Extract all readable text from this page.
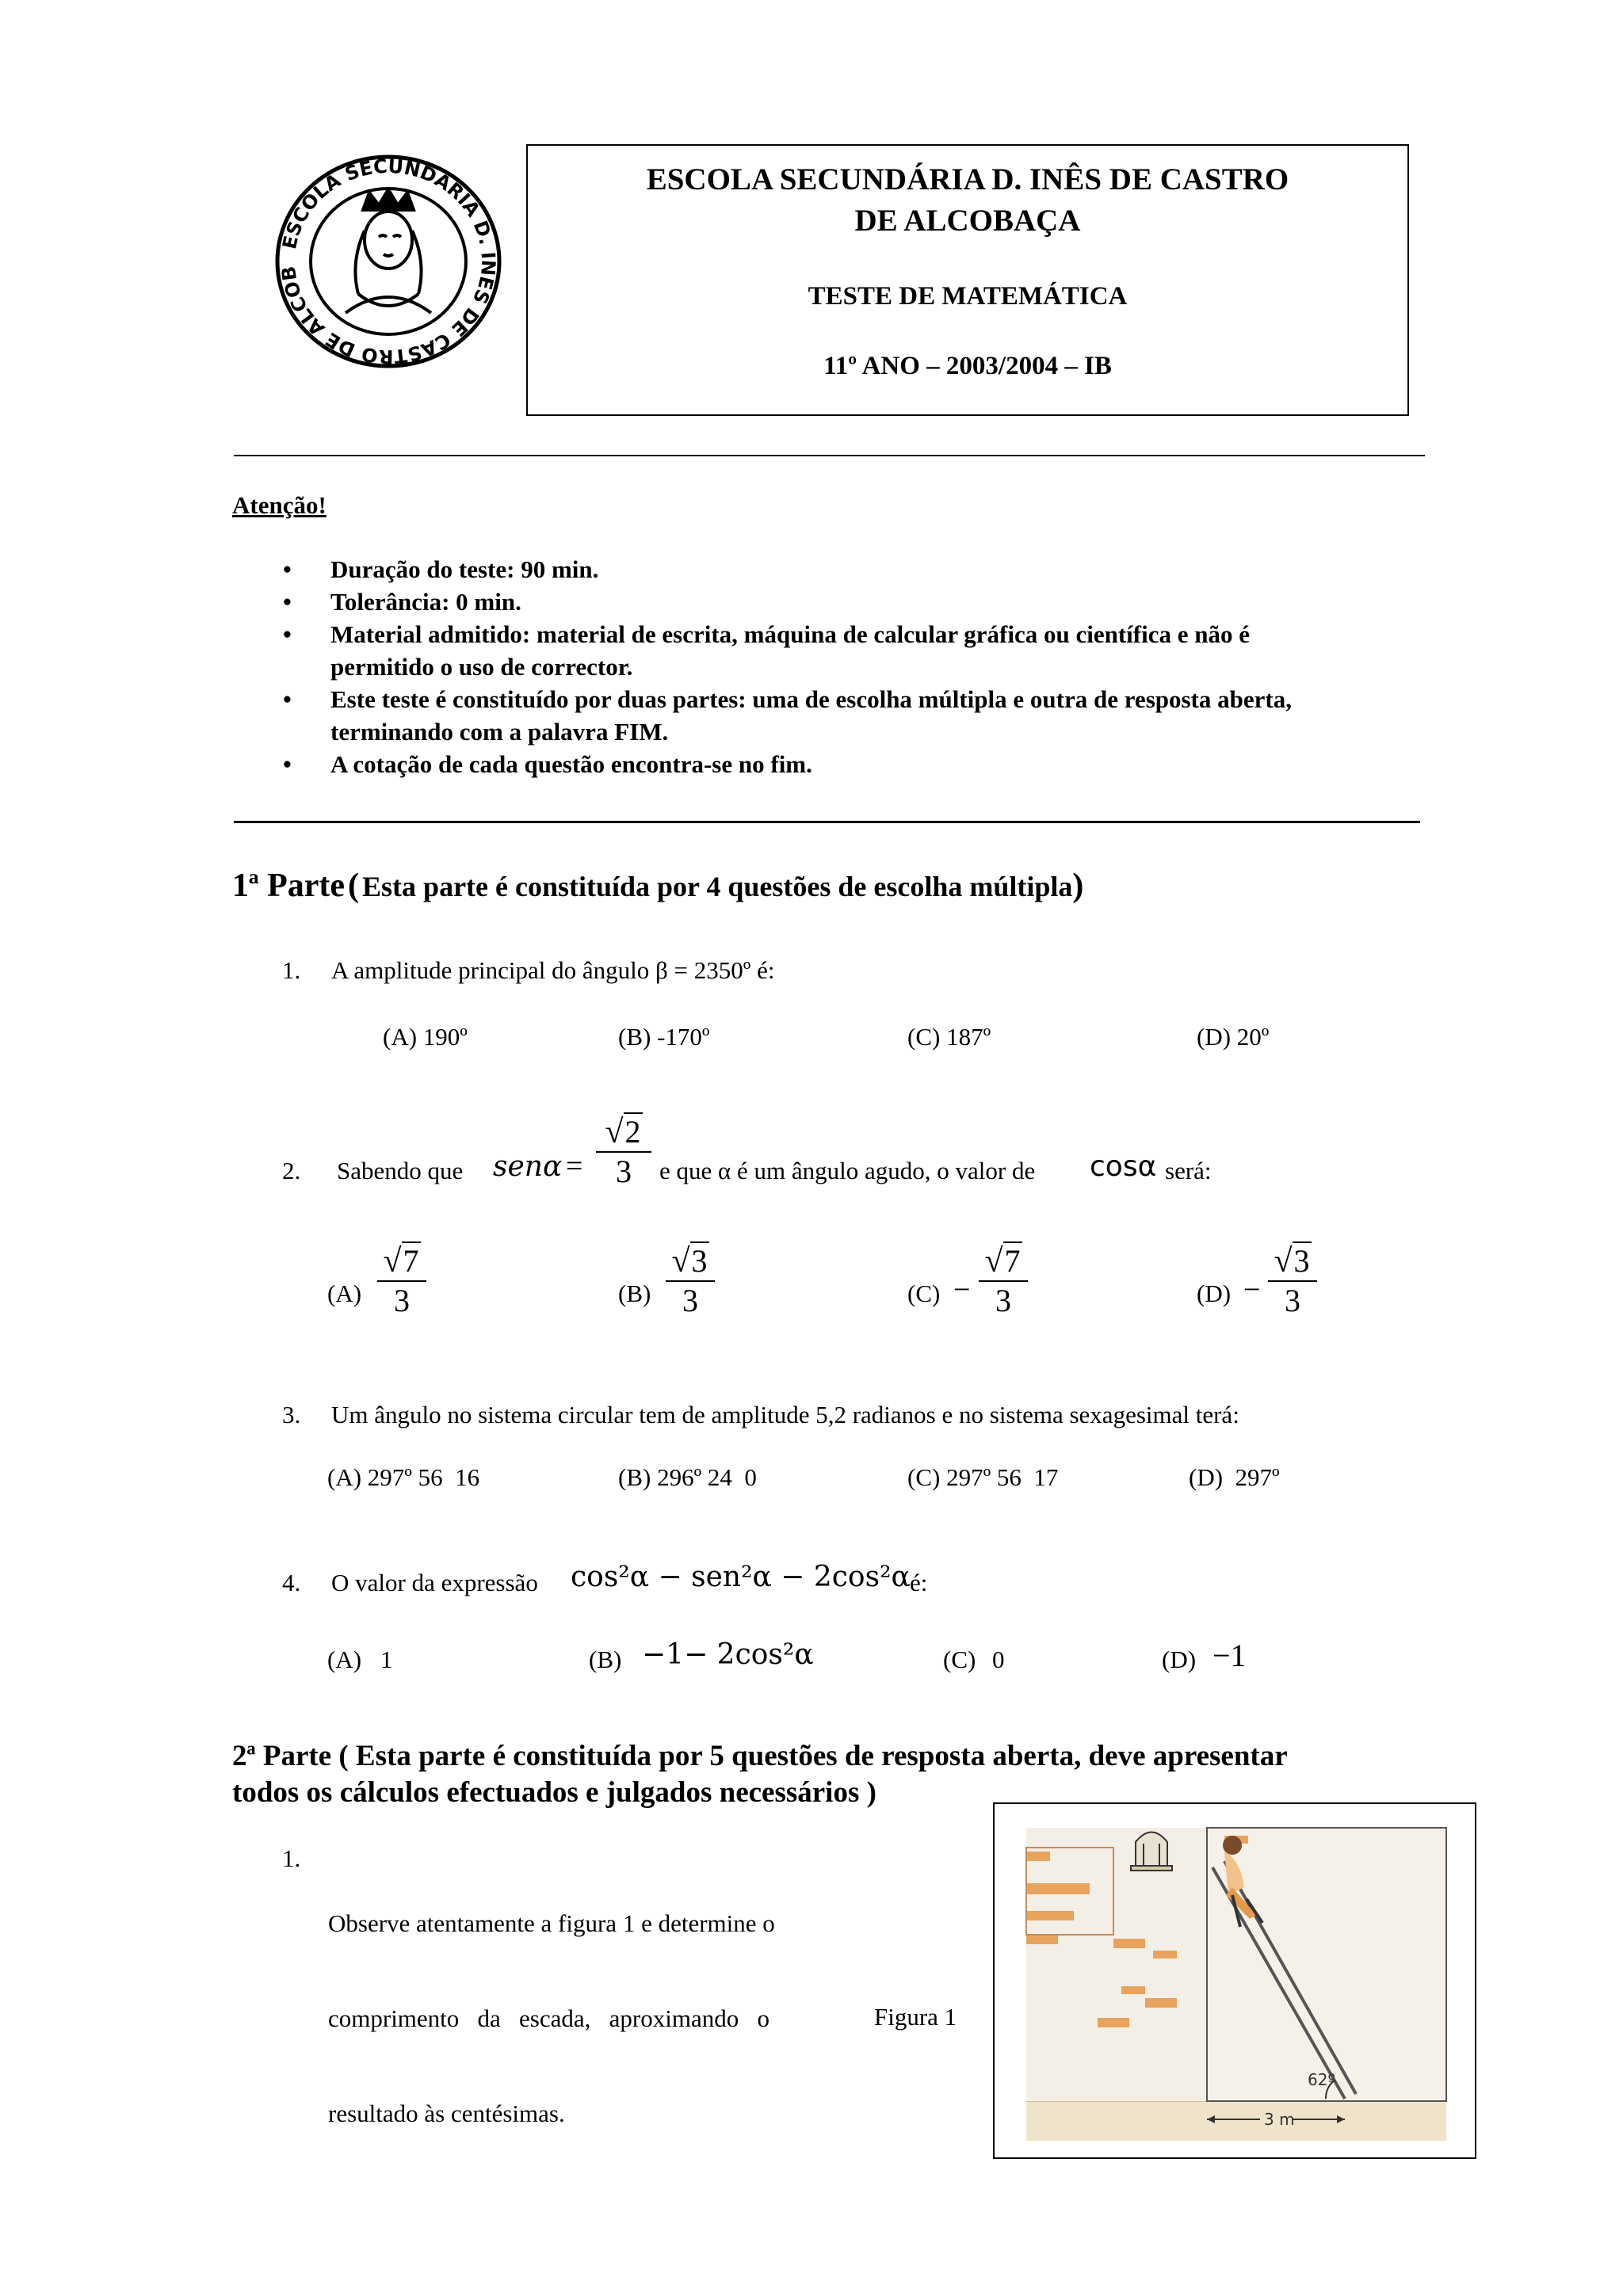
ESCOLA SECUNDÁRIA D. INÊS DE CASTRO DE ALCOB
ESCOLA SECUNDÁRIA D. INÊS DE CASTRO
DE ALCOBAÇA
TESTE DE MATEMÁTICA
11º ANO – 2003/2004 – IB
Atenção!
• Duração do teste: 90 min.
• Tolerância: 0 min.
• Material admitido: material de escrita, máquina de calcular gráfica ou científica e não é
permitido o uso de corrector.
• Este teste é constituído por duas partes: uma de escolha múltipla e outra de resposta aberta,
terminando com a palavra FIM.
• A cotação de cada questão encontra-se no fim.
1ª Parte ( Esta parte é constituída por 4 questões de escolha múltipla)
1. A amplitude principal do ângulo β = 2350º é:
(A) 190º	(B) -170º	(C) 187º	(D) 20º
2. Sabendo que $sen\alpha = \frac{√2}{3}$ e que α é um ângulo agudo, o valor de cosα será:
$(A) \frac{√7}{3}$	$(B) \frac{√3}{3}$	$(C) - \frac{√7}{3}$	$(D) - \frac{√3}{3}$
3. Um ângulo no sistema circular tem de amplitude 5,2 radianos e no sistema sexagesimal terá:
(A) 297º 56  16	(B) 296º 24  0	(C) 297º 56  17	(D)  297º
4. O valor da expressão cos²α − sen²α − 2cos²α é:
(A) 1	(B) −1− 2cos²α	(C) 0	(D) −1
2ª Parte ( Esta parte é constituída por 5 questões de resposta aberta, deve apresentar
todos os cálculos efectuados e julgados necessários )
1.

Observe atentamente a figura 1 e determine o

comprimento   da   escada,   aproximando   o

resultado às centésimas.

Figura 1
62º
3 m
